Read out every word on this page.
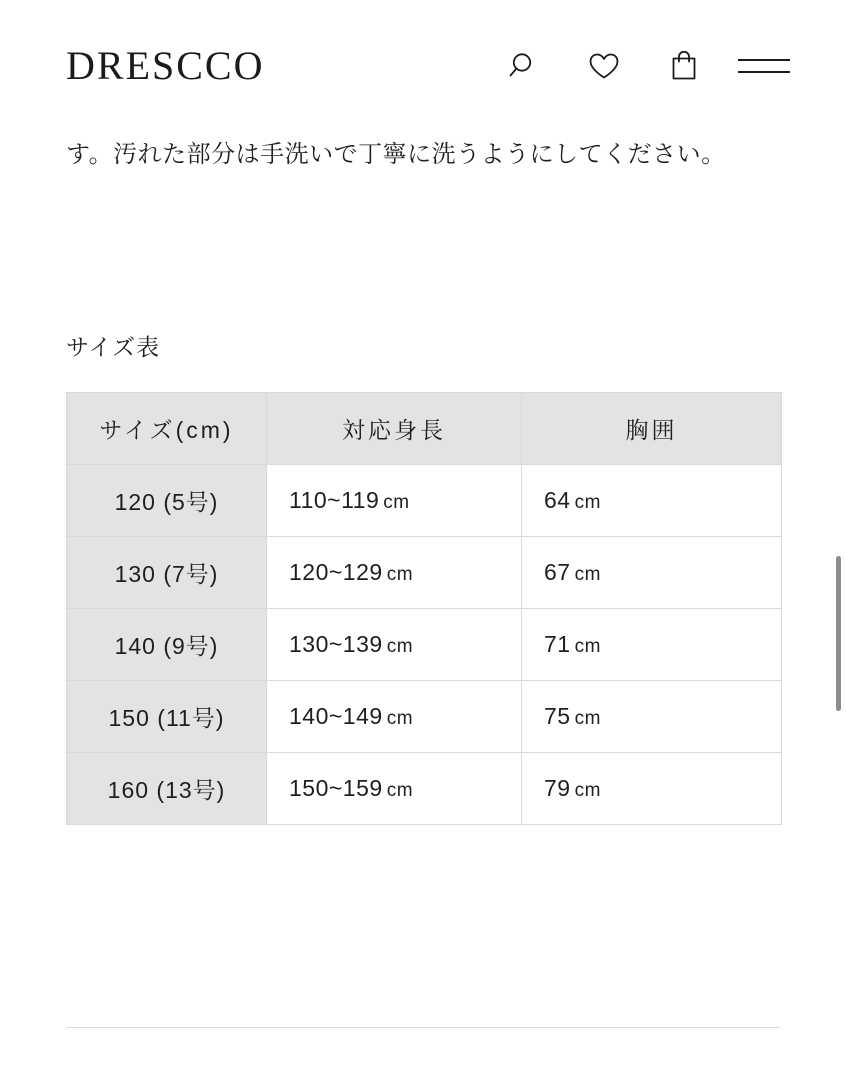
DRESCCO
す。汚れた部分は手洗いで丁寧に洗うようにしてください。
サイズ表
サイズ(cm)	対応身長	胸囲
120 (5号)	110~119 cm	64 cm
130 (7号)	120~129 cm	67 cm
140 (9号)	130~139 cm	71 cm
150 (11号)	140~149 cm	75 cm
160 (13号)	150~159 cm	79 cm
